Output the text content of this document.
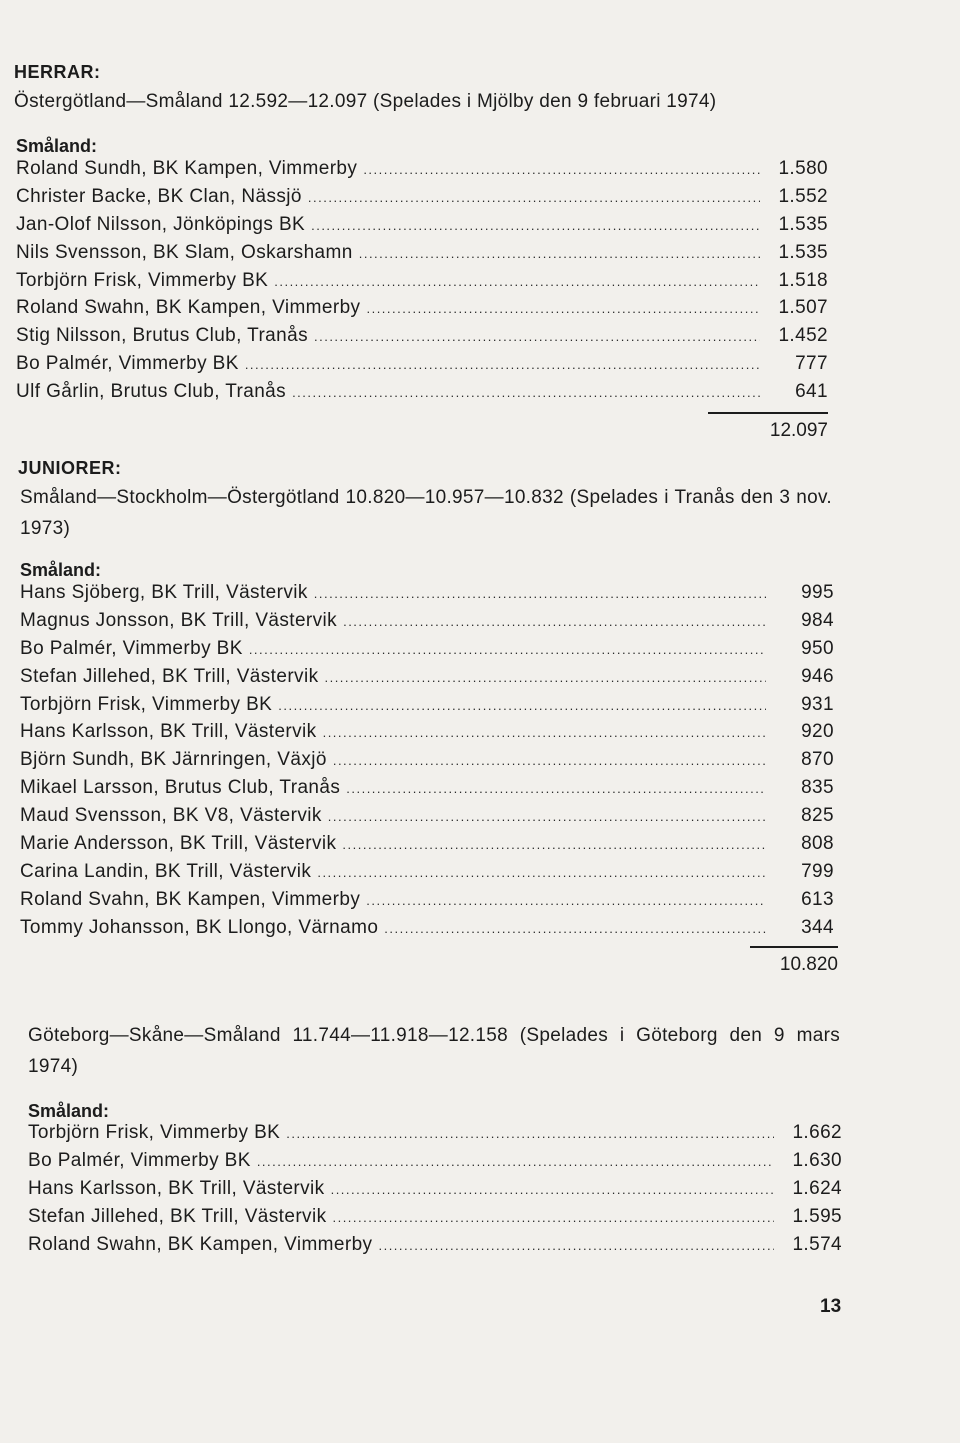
HERRAR:
Östergötland—Småland 12.592—12.097 (Spelades i Mjölby den 9 februari 1974)
Småland:
Roland Sundh, BK Kampen, Vimmerby .....	1.580
Christer Backe, BK Clan, Nässjö .....	1.552
Jan-Olof Nilsson, Jönköpings BK .....	1.535
Nils Svensson, BK Slam, Oskarshamn .....	1.535
Torbjörn Frisk, Vimmerby BK .....	1.518
Roland Swahn, BK Kampen, Vimmerby .....	1.507
Stig Nilsson, Brutus Club, Tranås .....	1.452
Bo Palmér, Vimmerby BK .....	777
Ulf Gårlin, Brutus Club, Tranås .....	641
12.097
JUNIORER:
Småland—Stockholm—Östergötland 10.820—10.957—10.832 (Spelades i Tranås den 3 nov. 1973)
Småland:
Hans Sjöberg, BK Trill, Västervik .....	995
Magnus Jonsson, BK Trill, Västervik .....	984
Bo Palmér, Vimmerby BK .....	950
Stefan Jillehed, BK Trill, Västervik .....	946
Torbjörn Frisk, Vimmerby BK .....	931
Hans Karlsson, BK Trill, Västervik .....	920
Björn Sundh, BK Järnringen, Växjö .....	870
Mikael Larsson, Brutus Club, Tranås .....	835
Maud Svensson, BK V8, Västervik .....	825
Marie Andersson, BK Trill, Västervik .....	808
Carina Landin, BK Trill, Västervik .....	799
Roland Svahn, BK Kampen, Vimmerby .....	613
Tommy Johansson, BK Llongo, Värnamo .....	344
10.820
Göteborg—Skåne—Småland 11.744—11.918—12.158 (Spelades i Göteborg den 9 mars 1974)
Småland:
Torbjörn Frisk, Vimmerby BK .....	1.662
Bo Palmér, Vimmerby BK .....	1.630
Hans Karlsson, BK Trill, Västervik .....	1.624
Stefan Jillehed, BK Trill, Västervik .....	1.595
Roland Swahn, BK Kampen, Vimmerby .....	1.574
13
